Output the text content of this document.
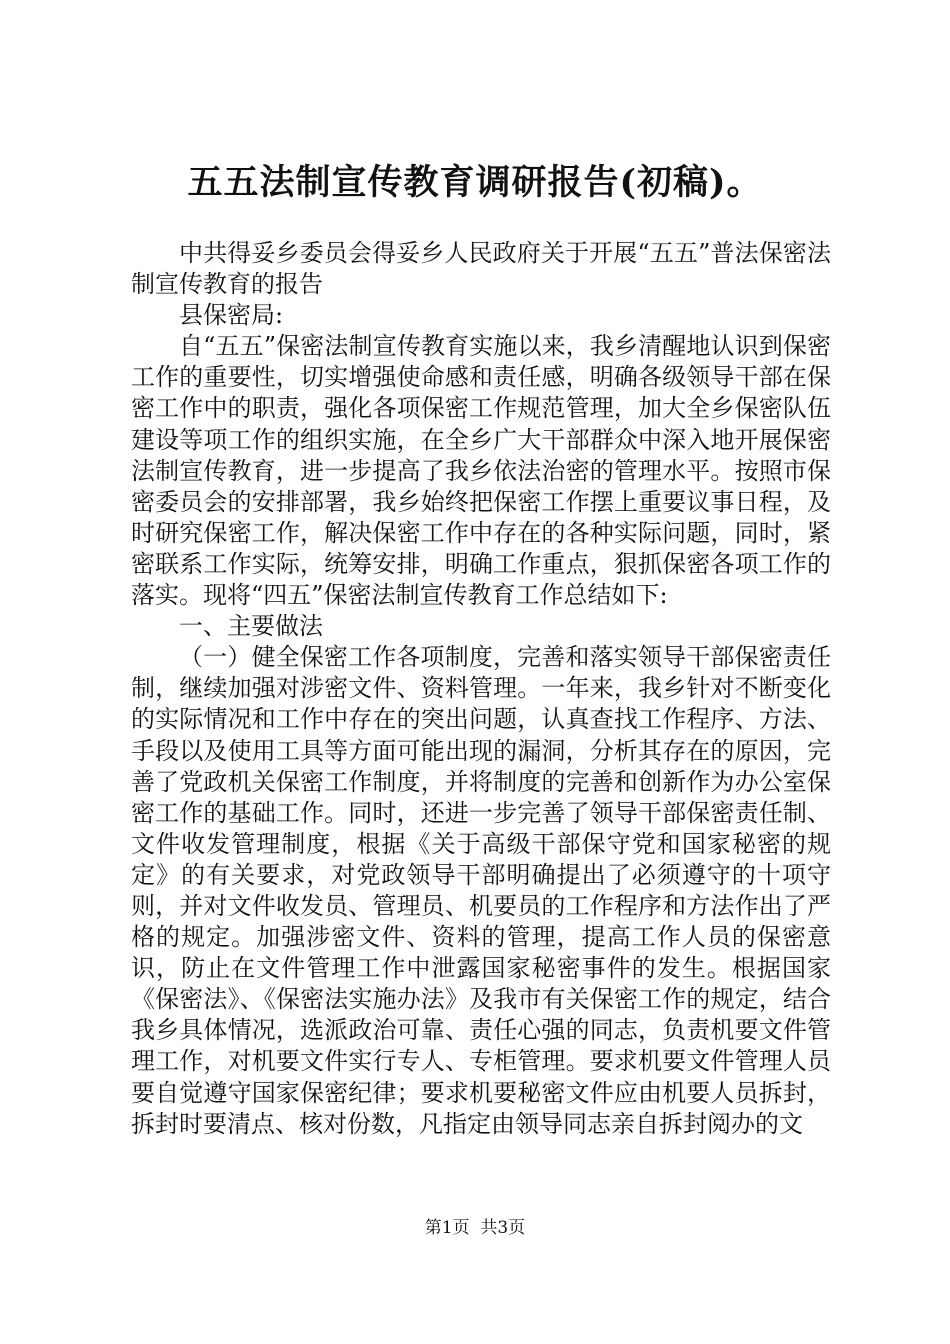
五五法制宣传教育调研报告(初稿)。

中共得妥乡委员会得妥乡人民政府关于开展“五五”普法保密法制宣传教育的报告

县保密局:

自“五五”保密法制宣传教育实施以来，我乡清醒地认识到保密工作的重要性，切实增强使命感和责任感，明确各级领导干部在保密工作中的职责，强化各项保密工作规范管理，加大全乡保密队伍建设等项工作的组织实施，在全乡广大干部群众中深入地开展保密法制宣传教育，进一步提高了我乡依法治密的管理水平。按照市保密委员会的安排部署，我乡始终把保密工作摆上重要议事日程，及时研究保密工作，解决保密工作中存在的各种实际问题，同时，紧密联系工作实际，统筹安排，明确工作重点，狠抓保密各项工作的落实。现将“四五”保密法制宣传教育工作总结如下:

一、主要做法

（一）健全保密工作各项制度，完善和落实领导干部保密责任制，继续加强对涉密文件、资料管理。一年来，我乡针对不断变化的实际情况和工作中存在的突出问题，认真查找工作程序、方法、手段以及使用工具等方面可能出现的漏洞，分析其存在的原因，完善了党政机关保密工作制度，并将制度的完善和创新作为办公室保密工作的基础工作。同时，还进一步完善了领导干部保密责任制、文件收发管理制度，根据《关于高级干部保守党和国家秘密的规定》的有关要求，对党政领导干部明确提出了必须遵守的十项守则，并对文件收发员、管理员、机要员的工作程序和方法作出了严格的规定。加强涉密文件、资料的管理，提高工作人员的保密意识，防止在文件管理工作中泄露国家秘密事件的发生。根据国家《保密法》、《保密法实施办法》及我市有关保密工作的规定，结合我乡具体情况，选派政治可靠、责任心强的同志，负责机要文件管理工作，对机要文件实行专人、专柜管理。要求机要文件管理人员要自觉遵守国家保密纪律；要求机要秘密文件应由机要人员拆封，拆封时要清点、核对份数，凡指定由领导同志亲自拆封阅办的文

第1页 共3页
